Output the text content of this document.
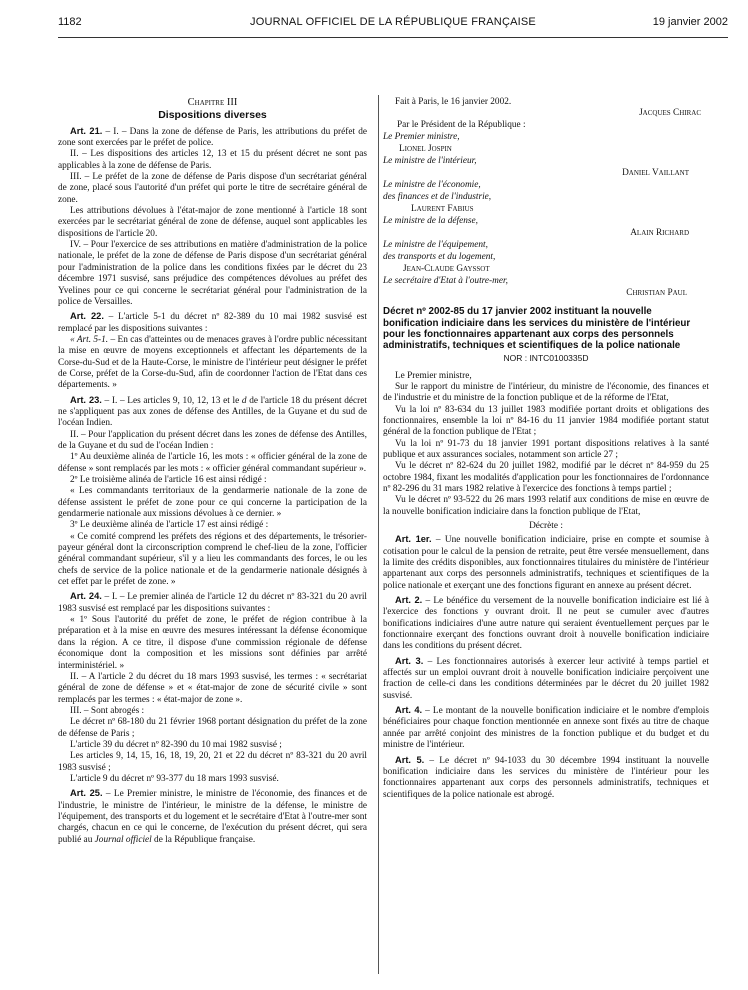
1182	JOURNAL OFFICIEL DE LA RÉPUBLIQUE FRANÇAISE	19 janvier 2002
Chapitre III
Dispositions diverses

Art. 21. – I. – Dans la zone de défense de Paris, les attributions du préfet de zone sont exercées par le préfet de police.

II. – Les dispositions des articles 12, 13 et 15 du présent décret ne sont pas applicables à la zone de défense de Paris.

III. – Le préfet de la zone de défense de Paris dispose d'un secrétariat général de zone, placé sous l'autorité d'un préfet qui porte le titre de secrétaire général de zone.

Les attributions dévolues à l'état-major de zone mentionné à l'article 18 sont exercées par le secrétariat général de zone de défense, auquel sont applicables les dispositions de l'article 20.

IV. – Pour l'exercice de ses attributions en matière d'administration de la police nationale, le préfet de la zone de défense de Paris dispose d'un secrétariat général pour l'administration de la police dans les conditions fixées par le décret du 23 décembre 1971 susvisé, sans préjudice des compétences dévolues au préfet des Yvelines pour ce qui concerne le secrétariat général pour l'administration de la police de Versailles.

Art. 22. – L'article 5-1 du décret nº 82-389 du 10 mai 1982 susvisé est remplacé par les dispositions suivantes :

« Art. 5-1. – En cas d'atteintes ou de menaces graves à l'ordre public nécessitant la mise en œuvre de moyens exceptionnels et affectant les départements de la Corse-du-Sud et de la Haute-Corse, le ministre de l'intérieur peut désigner le préfet de Corse, préfet de la Corse-du-Sud, afin de coordonner l'action de l'Etat dans ces départements. »

Art. 23. – I. – Les articles 9, 10, 12, 13 et le d de l'article 18 du présent décret ne s'appliquent pas aux zones de défense des Antilles, de la Guyane et du sud de l'océan Indien.

II. – Pour l'application du présent décret dans les zones de défense des Antilles, de la Guyane et du sud de l'océan Indien :

1º Au deuxième alinéa de l'article 16, les mots : « officier général de la zone de défense » sont remplacés par les mots : « officier général commandant supérieur ».

2º Le troisième alinéa de l'article 16 est ainsi rédigé :

« Les commandants territoriaux de la gendarmerie nationale de la zone de défense assistent le préfet de zone pour ce qui concerne la participation de la gendarmerie nationale aux missions dévolues à ce dernier. »

3º Le deuxième alinéa de l'article 17 est ainsi rédigé :

« Ce comité comprend les préfets des régions et des départements, le trésorier-payeur général dont la circonscription comprend le chef-lieu de la zone, l'officier général commandant supérieur, s'il y a lieu les commandants des forces, le ou les chefs de service de la police nationale et de la gendarmerie nationale désignés à cet effet par le préfet de zone. »

Art. 24. – I. – Le premier alinéa de l'article 12 du décret nº 83-321 du 20 avril 1983 susvisé est remplacé par les dispositions suivantes :

« 1º Sous l'autorité du préfet de zone, le préfet de région contribue à la préparation et à la mise en œuvre des mesures intéressant la défense économique dans la région. A ce titre, il dispose d'une commission régionale de défense économique dont la composition et les missions sont définies par arrêté interministériel. »

II. – A l'article 2 du décret du 18 mars 1993 susvisé, les termes : « secrétariat général de zone de défense » et « état-major de zone de sécurité civile » sont remplacés par les termes : « état-major de zone ».

III. – Sont abrogés :

Le décret nº 68-180 du 21 février 1968 portant désignation du préfet de la zone de défense de Paris ;

L'article 39 du décret nº 82-390 du 10 mai 1982 susvisé ;

Les articles 9, 14, 15, 16, 18, 19, 20, 21 et 22 du décret nº 83-321 du 20 avril 1983 susvisé ;

L'article 9 du décret nº 93-377 du 18 mars 1993 susvisé.

Art. 25. – Le Premier ministre, le ministre de l'économie, des finances et de l'industrie, le ministre de l'intérieur, le ministre de la défense, le ministre de l'équipement, des transports et du logement et le secrétaire d'Etat à l'outre-mer sont chargés, chacun en ce qui le concerne, de l'exécution du présent décret, qui sera publié au Journal officiel de la République française.

Fait à Paris, le 16 janvier 2002.

Jacques Chirac
Par le Président de la République :
Le Premier ministre,
Lionel Jospin
Le ministre de l'intérieur,
Daniel Vaillant
Le ministre de l'économie,
des finances et de l'industrie,
Laurent Fabius
Le ministre de la défense,
Alain Richard
Le ministre de l'équipement,
des transports et du logement,
Jean-Claude Gayssot
Le secrétaire d'Etat à l'outre-mer,
Christian Paul
Décret nº 2002-85 du 17 janvier 2002 instituant la nouvelle bonification indiciaire dans les services du ministère de l'intérieur pour les fonctionnaires appartenant aux corps des personnels administratifs, techniques et scientifiques de la police nationale
NOR : INTC0100335D

Le Premier ministre,

Sur le rapport du ministre de l'intérieur, du ministre de l'économie, des finances et de l'industrie et du ministre de la fonction publique et de la réforme de l'Etat,

Vu la loi nº 83-634 du 13 juillet 1983 modifiée portant droits et obligations des fonctionnaires, ensemble la loi nº 84-16 du 11 janvier 1984 modifiée portant statut général de la fonction publique de l'Etat ;

Vu la loi nº 91-73 du 18 janvier 1991 portant dispositions relatives à la santé publique et aux assurances sociales, notamment son article 27 ;

Vu le décret nº 82-624 du 20 juillet 1982, modifié par le décret nº 84-959 du 25 octobre 1984, fixant les modalités d'application pour les fonctionnaires de l'ordonnance nº 82-296 du 31 mars 1982 relative à l'exercice des fonctions à temps partiel ;

Vu le décret nº 93-522 du 26 mars 1993 relatif aux conditions de mise en œuvre de la nouvelle bonification indiciaire dans la fonction publique de l'Etat,

Décrète :

Art. 1er. – Une nouvelle bonification indiciaire, prise en compte et soumise à cotisation pour le calcul de la pension de retraite, peut être versée mensuellement, dans la limite des crédits disponibles, aux fonctionnaires titulaires du ministère de l'intérieur appartenant aux corps des personnels administratifs, techniques et scientifiques de la police nationale et exerçant une des fonctions figurant en annexe au présent décret.

Art. 2. – Le bénéfice du versement de la nouvelle bonification indiciaire est lié à l'exercice des fonctions y ouvrant droit. Il ne peut se cumuler avec d'autres bonifications indiciaires d'une autre nature qui seraient éventuellement perçues par le fonctionnaire exerçant des fonctions ouvrant droit à nouvelle bonification indiciaire dans les conditions du présent décret.

Art. 3. – Les fonctionnaires autorisés à exercer leur activité à temps partiel et affectés sur un emploi ouvrant droit à nouvelle bonification indiciaire perçoivent une fraction de celle-ci dans les conditions déterminées par le décret du 20 juillet 1982 susvisé.

Art. 4. – Le montant de la nouvelle bonification indiciaire et le nombre d'emplois bénéficiaires pour chaque fonction mentionnée en annexe sont fixés au titre de chaque année par arrêté conjoint des ministres de la fonction publique et du budget et du ministre de l'intérieur.

Art. 5. – Le décret nº 94-1033 du 30 décembre 1994 instituant la nouvelle bonification indiciaire dans les services du ministère de l'intérieur pour les fonctionnaires appartenant aux corps des personnels administratifs, techniques et scientifiques de la police nationale est abrogé.
